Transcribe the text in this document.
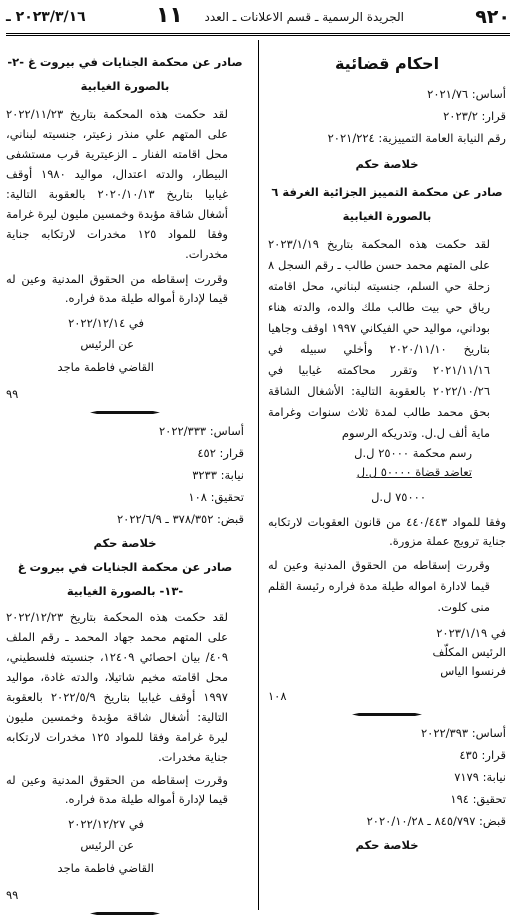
٩٢٠
الجريدة الرسمية ـ قسم الاعلانات ـ العدد
١١
٢٠٢٣/٣/١٦ ـ

احكام قضائية

أساس: ٢٠٢١/٧٦

قرار: ٢٠٢٣/٢

رقم النيابة العامة التمييزية: ٢٠٢١/٢٢٤

خلاصة حكم

صادر عن محكمة التمييز الجزائية الغرفة ٦ بالصورة الغيابية

لقد حكمت هذه المحكمة بتاريخ ٢٠٢٣/١/١٩ على المتهم محمد حسن طالب ـ رقم السجل ٨ زحلة حي السلم، جنسيته لبناني، محل اقامته رياق حي بيت طالب ملك والده، والدته هناء بوداني، مواليد حي الفيكاني ١٩٩٧ اوقف وجاهيا بتاريخ ٢٠٢٠/١١/١٠ وأخلي سبيله في ٢٠٢١/١١/١٦ وتقرر محاكمته غيابيا في ٢٠٢٢/١٠/٢٦ بالعقوبة التالية: الأشغال الشاقة بحق محمد طالب لمدة ثلاث سنوات وغرامة ماية ألف ل.ل. وتدريكه الرسوم

رسم محكمة ٢٥٠٠٠ ل.ل

تعاضد قضاة ٥٠٠٠٠ ل.ل

٧٥٠٠٠ ل.ل

وفقا للمواد ٤٤٠/٤٤٣ من قانون العقوبات لارتكابه جناية ترويج عملة مزورة.

وقررت إسقاطه من الحقوق المدنية وعين له قيما لادارة امواله طيلة مدة فراره رئيسة القلم منى كلوت.

في ٢٠٢٣/١/١٩

الرئيس المكلّف

فرنسوا الياس

١٠٨

أساس: ٢٠٢٢/٣٩٣

قرار: ٤٣٥

نيابة: ٧١٧٩

تحقيق: ١٩٤

قبض: ٨٤٥/٧٩٧ ـ ٢٠٢٠/١٠/٢٨

خلاصة حكم

صادر عن محكمة الجنايات في بيروت غ -٢- بالصورة الغيابية

لقد حكمت هذه المحكمة بتاريخ ٢٠٢٢/١١/٢٣ على المتهم علي منذر زعيتر، جنسيته لبناني، محل اقامته الفنار ـ الزعيترية قرب مستشفى البيطار، والدته اعتدال، مواليد ١٩٨٠ أوقف غيابيا بتاريخ ٢٠٢٠/١٠/١٣ بالعقوبة التالية: أشغال شاقة مؤبدة وخمسين مليون ليرة غرامة وفقا للمواد ١٢٥ مخدرات لارتكابه جناية مخدرات.

وقررت إسقاطه من الحقوق المدنية وعين له قيما لإدارة أمواله طيلة مدة فراره.

في ٢٠٢٢/١٢/١٤

عن الرئيس

القاضي فاطمة ماجد

٩٩

أساس: ٢٠٢٢/٣٣٣

قرار: ٤٥٢

نيابة: ٣٢٣٣

تحقيق: ١٠٨

قبض: ٣٧٨/٣٥٢ ـ ٢٠٢٢/٦/٩

خلاصة حكم

صادر عن محكمة الجنايات في بيروت غ -١٣- بالصورة الغيابية

لقد حكمت هذه المحكمة بتاريخ ٢٠٢٢/١٢/٢٣ على المتهم محمد جهاد المحمد ـ رقم الملف ٤٠٩/ بيان احصائي ١٢٤٠٩، جنسيته فلسطيني، محل اقامته مخيم شاتيلا، والدته غادة، مواليد ١٩٩٧ أوقف غيابيا بتاريخ ٢٠٢٢/٥/٩ بالعقوبة التالية: أشغال شاقة مؤبدة وخمسين مليون ليرة غرامة وفقا للمواد ١٢٥ مخدرات لارتكابه جناية مخدرات.

وقررت إسقاطه من الحقوق المدنية وعين له قيما لإدارة أمواله طيلة مدة فراره.

في ٢٠٢٢/١٢/٢٧

عن الرئيس

القاضي فاطمة ماجد

٩٩
